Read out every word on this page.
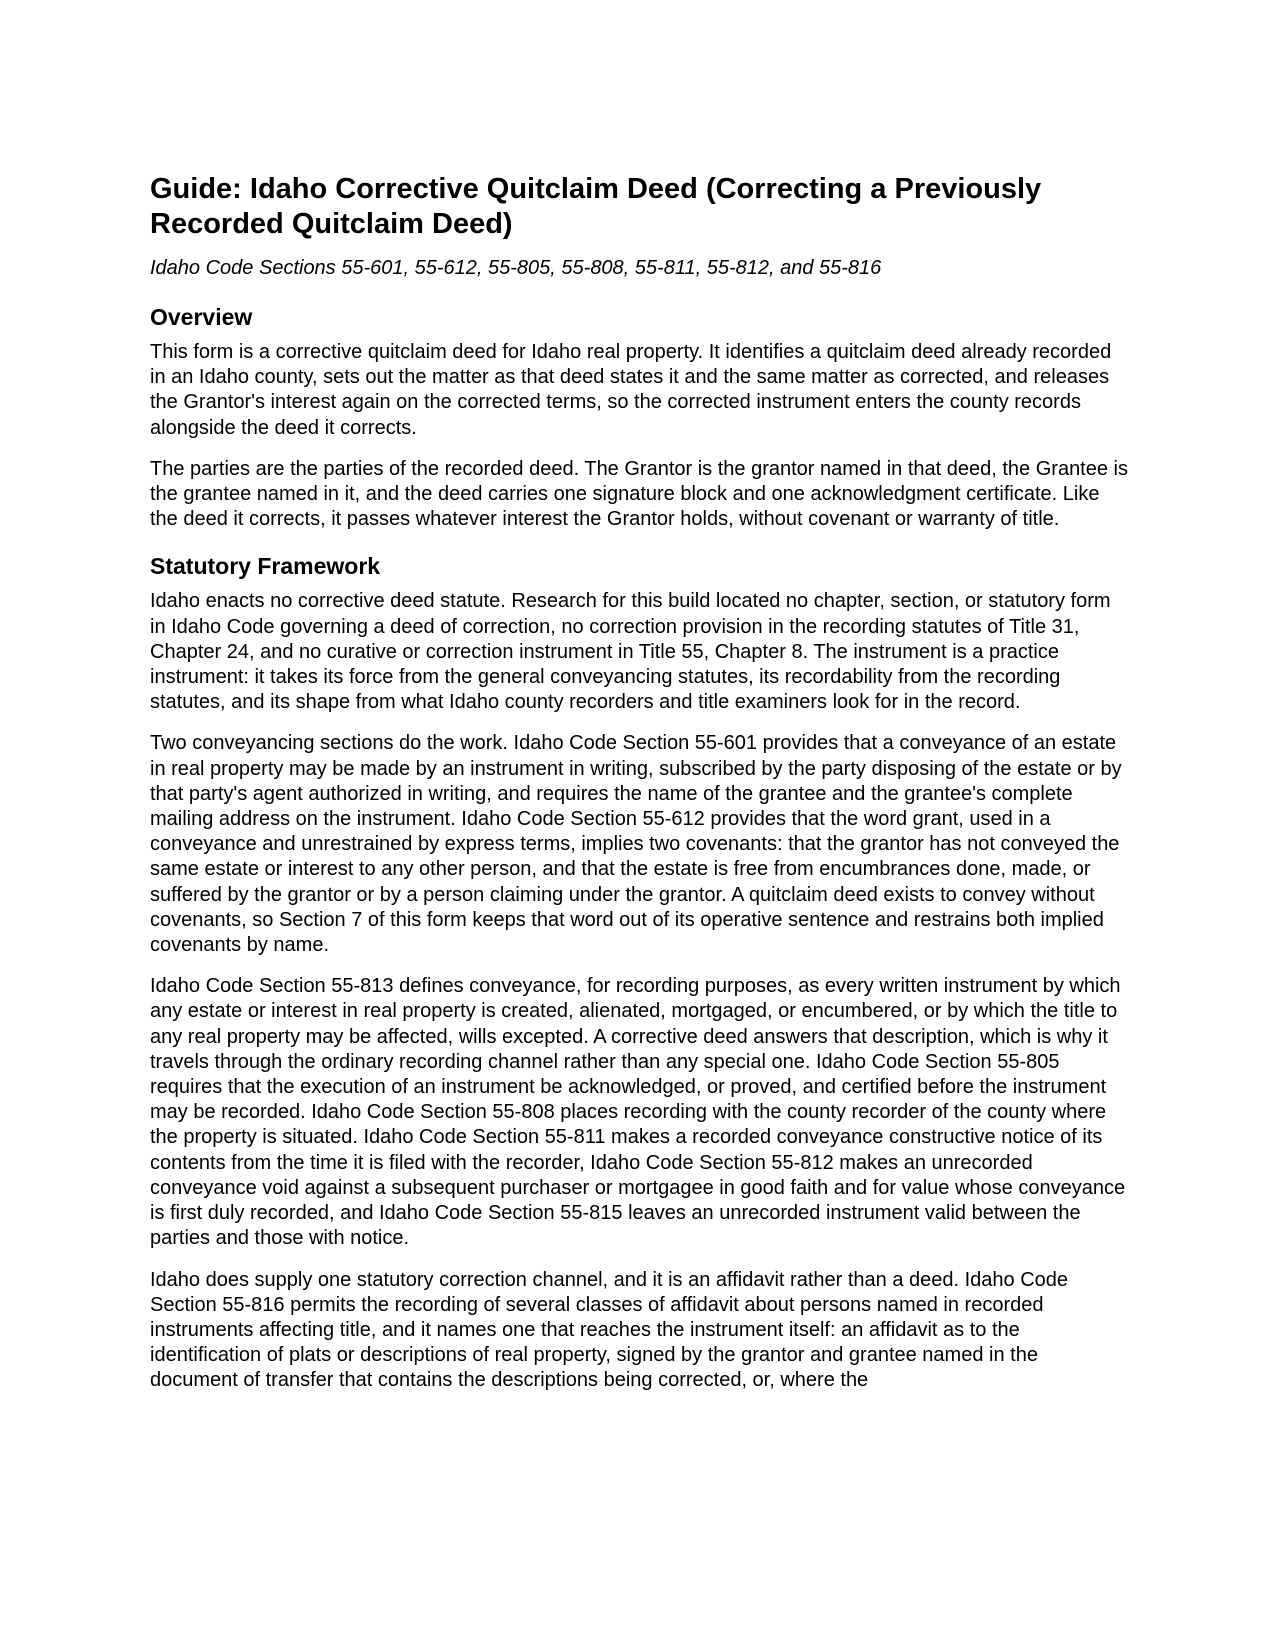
Guide: Idaho Corrective Quitclaim Deed (Correcting a Previously Recorded Quitclaim Deed)

Idaho Code Sections 55-601, 55-612, 55-805, 55-808, 55-811, 55-812, and 55-816

Overview

This form is a corrective quitclaim deed for Idaho real property. It identifies a quitclaim deed already recorded in an Idaho county, sets out the matter as that deed states it and the same matter as corrected, and releases the Grantor's interest again on the corrected terms, so the corrected instrument enters the county records alongside the deed it corrects.

The parties are the parties of the recorded deed. The Grantor is the grantor named in that deed, the Grantee is the grantee named in it, and the deed carries one signature block and one acknowledgment certificate. Like the deed it corrects, it passes whatever interest the Grantor holds, without covenant or warranty of title.

Statutory Framework

Idaho enacts no corrective deed statute. Research for this build located no chapter, section, or statutory form in Idaho Code governing a deed of correction, no correction provision in the recording statutes of Title 31, Chapter 24, and no curative or correction instrument in Title 55, Chapter 8. The instrument is a practice instrument: it takes its force from the general conveyancing statutes, its recordability from the recording statutes, and its shape from what Idaho county recorders and title examiners look for in the record.

Two conveyancing sections do the work. Idaho Code Section 55-601 provides that a conveyance of an estate in real property may be made by an instrument in writing, subscribed by the party disposing of the estate or by that party's agent authorized in writing, and requires the name of the grantee and the grantee's complete mailing address on the instrument. Idaho Code Section 55-612 provides that the word grant, used in a conveyance and unrestrained by express terms, implies two covenants: that the grantor has not conveyed the same estate or interest to any other person, and that the estate is free from encumbrances done, made, or suffered by the grantor or by a person claiming under the grantor. A quitclaim deed exists to convey without covenants, so Section 7 of this form keeps that word out of its operative sentence and restrains both implied covenants by name.

Idaho Code Section 55-813 defines conveyance, for recording purposes, as every written instrument by which any estate or interest in real property is created, alienated, mortgaged, or encumbered, or by which the title to any real property may be affected, wills excepted. A corrective deed answers that description, which is why it travels through the ordinary recording channel rather than any special one. Idaho Code Section 55-805 requires that the execution of an instrument be acknowledged, or proved, and certified before the instrument may be recorded. Idaho Code Section 55-808 places recording with the county recorder of the county where the property is situated. Idaho Code Section 55-811 makes a recorded conveyance constructive notice of its contents from the time it is filed with the recorder, Idaho Code Section 55-812 makes an unrecorded conveyance void against a subsequent purchaser or mortgagee in good faith and for value whose conveyance is first duly recorded, and Idaho Code Section 55-815 leaves an unrecorded instrument valid between the parties and those with notice.

Idaho does supply one statutory correction channel, and it is an affidavit rather than a deed. Idaho Code Section 55-816 permits the recording of several classes of affidavit about persons named in recorded instruments affecting title, and it names one that reaches the instrument itself: an affidavit as to the identification of plats or descriptions of real property, signed by the grantor and grantee named in the document of transfer that contains the descriptions being corrected, or, where the
